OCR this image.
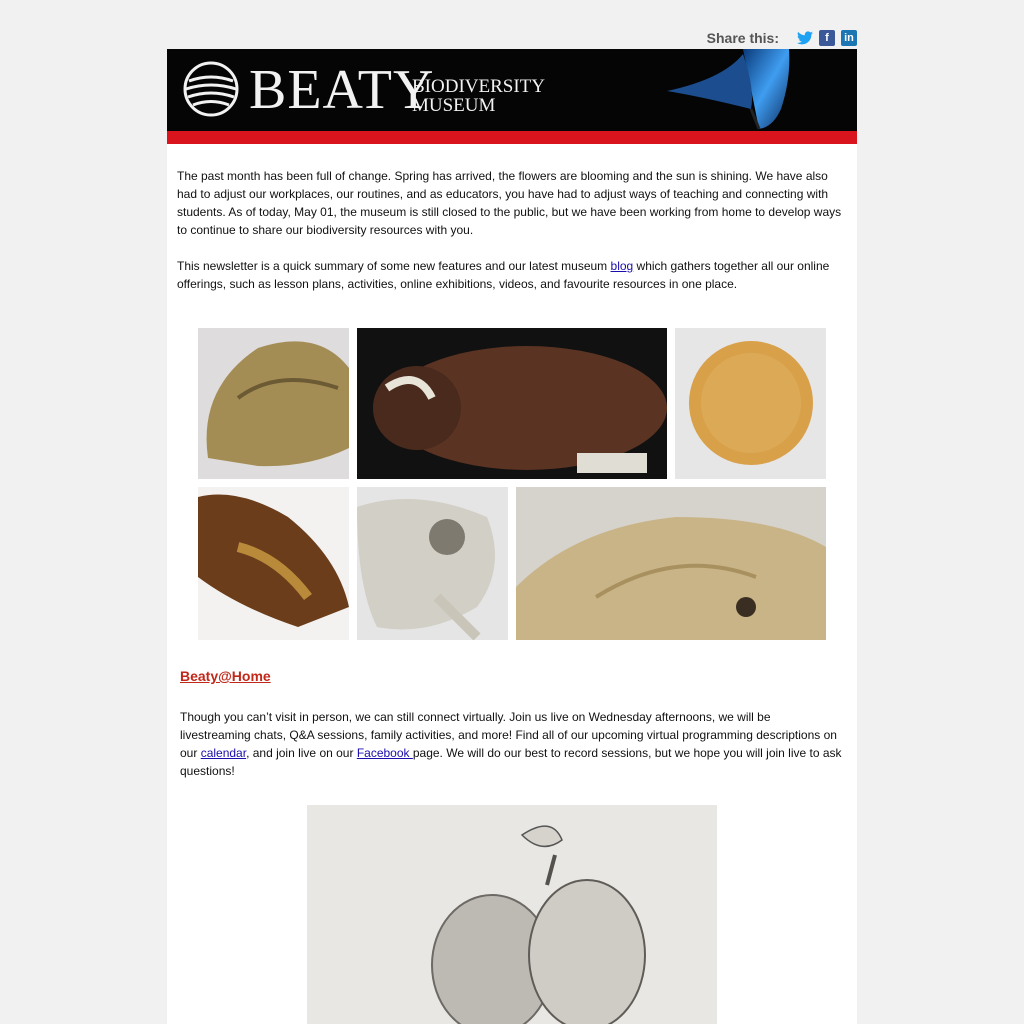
Share this:	f	in
BEATY
BIODIVERSITY
MUSEUM

The past month has been full of change. Spring has arrived, the flowers are blooming and the sun is shining. We have also had to adjust our workplaces, our routines, and as educators, you have had to adjust ways of teaching and connecting with students. As of today, May 01, the museum is still closed to the public, but we have been working from home to develop ways to continue to share our biodiversity resources with you.

This newsletter is a quick summary of some new features and our latest museum blog which gathers together all our online offerings, such as lesson plans, activities, online exhibitions, videos, and favourite resources in one place.

Beaty@Home

Though you can’t visit in person, we can still connect virtually. Join us live on Wednesday afternoons, we will be livestreaming chats, Q&A sessions, family activities, and more! Find all of our upcoming virtual programming descriptions on our calendar, and join live on our Facebook page. We will do our best to record sessions, but we hope you will join live to ask questions!
